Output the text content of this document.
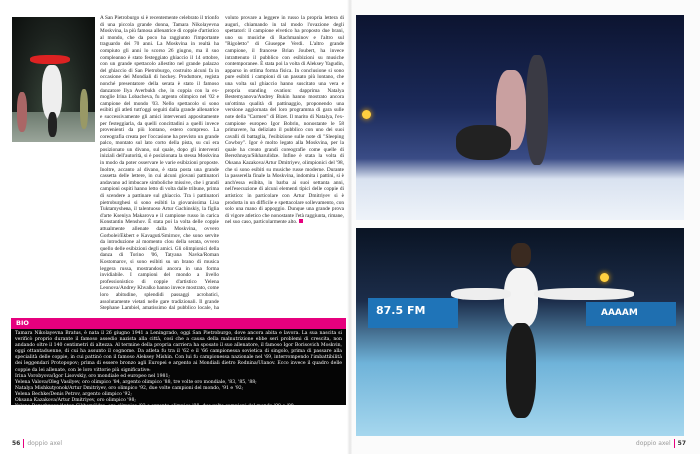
A San Pietroburgo si è recentemente celebrato il trionfo di una piccola grande donna, Tamara Nikolayevna Moskvina, la più famosa allenatrice di coppie d'artistico al mondo, che da poco ha raggiunto l'importante traguardo dei 70 anni. La Moskvina in realtà ha compiuto gli anni lo scorso 26 giugno, ma il suo compleanno è stato festeggiato ghiaccio il 14 ottobre, con un grande spettacolo allestito nel grande palazzo del ghiaccio di San Pietroburgo, costruito alcuni fa in occasione dei Mondiali di hockey. Produttore, regista nonché presentatore della serata è stato il famoso danzatore Ilya Averbukh che, in coppia con la ex-moglie Irina Lobacheva, fu argento olimpico nel '02 e campione del mondo '03. Nello spettacolo si sono esibiti gli atleti tutt'oggi seguiti dalla grande allenatrice e successivamente gli amici intervenuti appositamente per festeggiarla, da quelli concittadini a quelli invece provenienti da più lontano, estero compreso. La coreografia creata per l'occasione ha previsto un grande palco, montato sul lato corto della pista, su cui era posizionato un divano, sul quale, dopo gli interventi iniziali dell'autorità, si è posizionata la stessa Moskvina in modo da poter osservare le varie esibizioni proposte. Inoltre, accanto al divano, è stata posta una grande cassetta delle lettere, in cui alcuni giovani pattinatori andavano ad imbucare simboliche missive, che i grandi campioni ospiti hanno letto di volta dalle tribune, prima di scendere a pattinare sul ghiaccio. Tra i pattinatori pietroburghesi si sono esibiti la giovanissima Lisa Tuktamyshева, il talentuoso Artur Gachinskiy, la figlia d'arte Kseniya Makarova e il campione russo in carica Konstantin Menshov. È stata poi la volta delle coppie attualmente allenate dalla Moskvina, ovvero Gorbolei/Ekbert e Kavaguti/Smirnov, che sono servite da introduzione al momento clou della serata, ovvero quello delle esibizioni degli amici. Gli olimpionici della danza di Torino '06, Tatyana Navka/Roman Kostomarov, si sono esibiti su un brano di musica leggera russa, mostrandosi ancora in una forma invidiabile. I campioni del mondo a livello professionistico di coppie d'artistico Yelena Leonova/Andrey Khvalko hanno invece mostrato, come loro abitudine, splendidi passaggi acrobatici, assolutamente vietati nelle gare tradizionali. Il grande Stephane Lambiel, amatissimo dal pubblico locale, ha voluto provare a leggere in russo la propria lettera di auguri, chiamando in tal modo l'ovazione degli spettatori: il campione elvetico ha proposto due brani, uno su musiche di Rachmaninov e l'altro sul "Rigoletto" di Giuseppe Verdi. L'altro grande campione, il francese Brian Joubert, ha invece intrattenuto il pubblico con esibizioni su musiche contemporanee. È stata poi la volta di Aleksey Yagudin, apparso in ottima forma fisica. In conclusione si sono pure esibiti i campioni di un passato più lontano, che una volta sul ghiaccio hanno suscitato una vera e propria standing ovation: dapprima Natalya Bestemyanova/Andrey Bukin hanno mostrato ancora un'ottima qualità di pattinaggio, proponendo una versione aggiornata del loro programma di gara sulle note della "Carmen" di Bizet. Il marito di Natalya, l'ex-campione europeo Igor Bobrin, nonostante le 58 primavere, ha deliziato il pubblico con uno dei suoi cavalli di battaglia, l'esibizione sulle note di "Sleeping Cowboy". Igor è molto legato alla Moskvina, per la quale ha creato grandi coreografie come quelle di Berezhnaya/Sikharulidze. Infine è stata la volta di Oksana Kazakova/Artur Dmitriyev, olimpionici del '98, che si sono esibiti su musiche russe moderne. Durante la passerella finale la Moskvina, indomita i pattini, si è anch'essa esibita, in barba ai suoi settanta anni, nell'esecuzione di alcuni elementi tipici delle coppie di artistico: in particolare con Artur Dmitriyev si è prodotta in un difficile e spettacolare sollevamento, con solo una mano di appoggio. Dunque una grande prova di vigore atletico che nonostante l'età raggiunta, rimane, nel suo caso, particolarmente alto.

BIO
Tamara Nikolayevna Bratus, è nata il 26 giugno 1941 a Leningrado, oggi San Pietroburgo, dove ancora abita e lavora. La sua nascita si verificò proprio durante il famoso assedio nazista alla città, così che a causa della malnutrizione ebbe seri problemi di crescita, non andando oltre il 140 centimetri di altezza. Al termine della propria carriera ha sposato il suo allenatore, il famoso Igor Borisovich Moskvin, oggi ottantaduenne, di cui ha assunto il cognome. Da atleta fu tra il '62 e il '66 campionessa sovietica di singolo, prima di passare alla specialità delle coppie, in cui pattinò con il famoso Aleksey Mishin. Con lui fu campionessa nazionale nel '69, interrompendo l'imbattibilità dei leggendari Protopopov; prima di essere bronzo agli Europei e argento ai Mondiali dietro Rodnina/Ulanov. Ecco invece il quadro delle coppie da lei allenate, con le loro vittorie più significative:
Irina Vorobyova/Igor Lisovskiy, oro mondiale ed europeo nel 1981;
Yelena Valova/Oleg Vasilyev, oro olimpico '84, argento olimpico '88, tre volte oro mondiale, '83, '85, '88;
Natalya Mishkutyonok/Artur Dmitriyev, oro olimpico '92, due volte campioni del mondo, '91 e '92;
Yelena Bechke/Denis Petrov, argento olimpico '92;
Oksana Kazakova/Artur Dmitriyev, oro olimpico '98;
Yelena Berezhnaya/Anton Sikharulidze, oro olimpico '02 e argento olimpico '98; due volte campioni del mondo '98 e '99;
Yuko Kavaguti/Aleksandr Smirnov, oro europeo 2010.
56 doppio axel
87.5 FM	ААААМ
doppio axel 57
